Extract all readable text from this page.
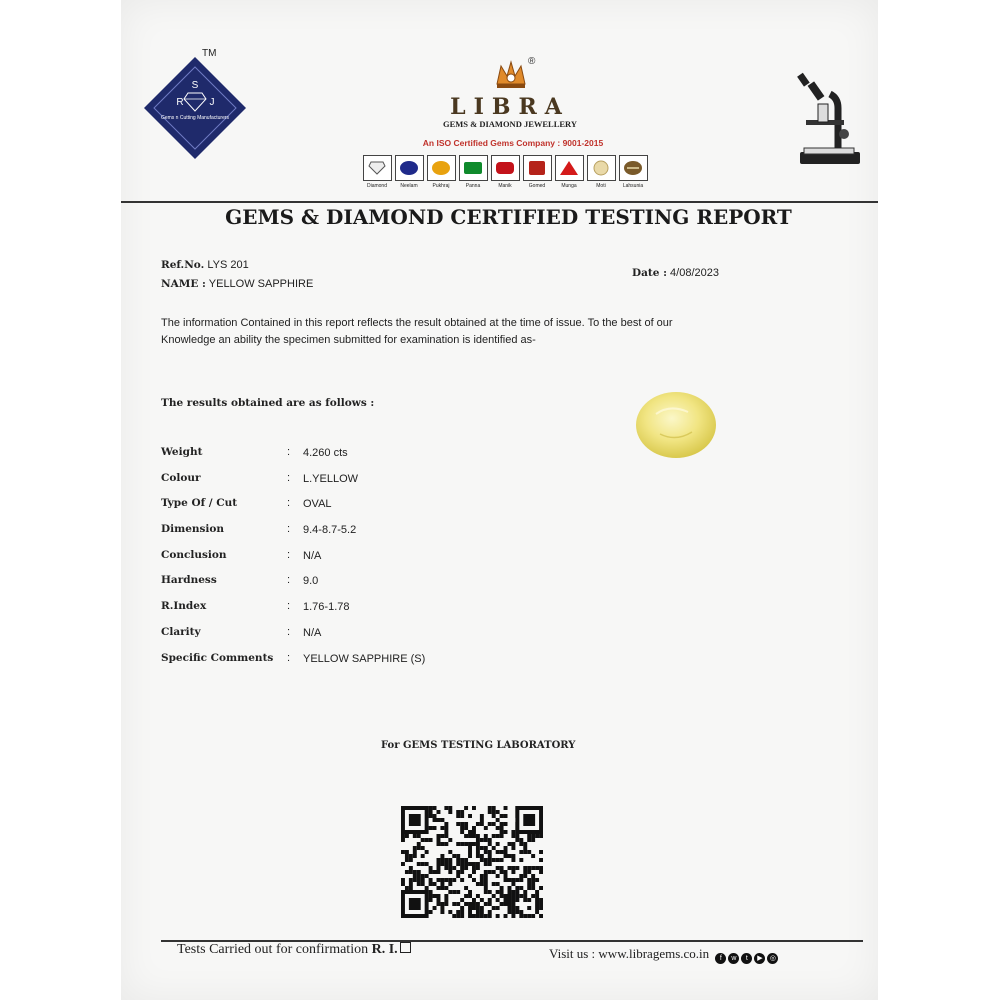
S
R	J
Gems n Cutting Manufacturers
TM
®
LIBRA
GEMS & DIAMOND JEWELLERY
An ISO Certified Gems Company : 9001-2015
Diamond	Neelam	Pukhraj	Panna	Manik	Gomed	Munga	Moti	Lahsunia
GEMS & DIAMOND CERTIFIED TESTING REPORT
Ref.No. LYS 201
NAME : YELLOW SAPPHIRE
Date : 4/08/2023
The information Contained in this report reflects the result obtained at the time of issue. To the best of our
Knowledge an ability the specimen submitted for examination is identified as-
The results obtained are as follows :
Weight	: 4.260 cts
Colour	: L.YELLOW
Type Of / Cut	: OVAL
Dimension	: 9.4-8.7-5.2
Conclusion	: N/A
Hardness	: 9.0
R.Index	: 1.76-1.78
Clarity	: N/A
Specific Comments : YELLOW SAPPHIRE (S)
For GEMS TESTING LABORATORY
Tests Carried out for confirmation R. I.	Visit us : www.libragems.co.in	f	w	t	▶	◎
